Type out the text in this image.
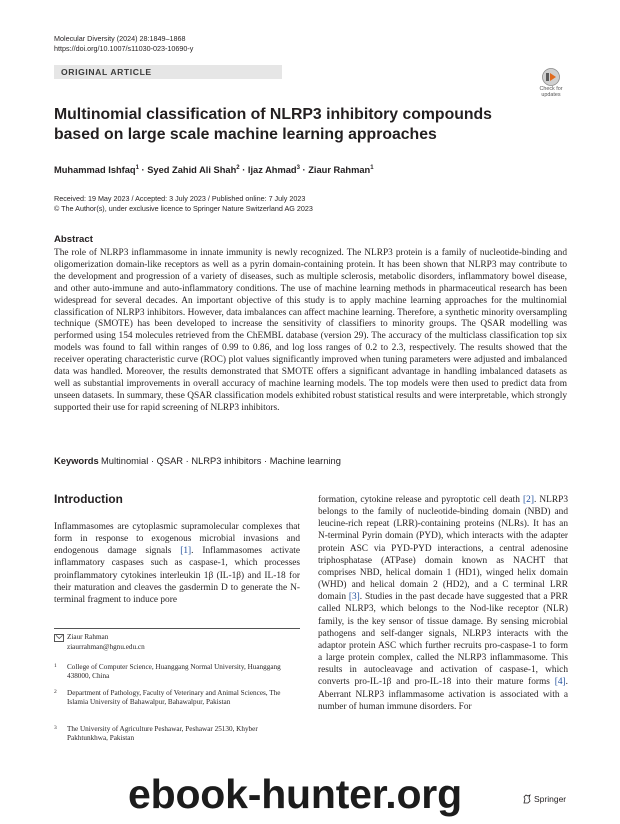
Molecular Diversity (2024) 28:1849–1868
https://doi.org/10.1007/s11030-023-10690-y
ORIGINAL ARTICLE
Check for updates
Multinomial classification of NLRP3 inhibitory compounds based on large scale machine learning approaches
Muhammad Ishfaq$^1$ · Syed Zahid Ali Shah$^2$ · Ijaz Ahmad$^3$ · Ziaur Rahman$^1$
Received: 19 May 2023 / Accepted: 3 July 2023 / Published online: 7 July 2023
© The Author(s), under exclusive licence to Springer Nature Switzerland AG 2023
Abstract

The role of NLRP3 inflammasome in innate immunity is newly recognized. The NLRP3 protein is a family of nucleotide-binding and oligomerization domain-like receptors as well as a pyrin domain-containing protein. It has been shown that NLRP3 may contribute to the development and progression of a variety of diseases, such as multiple sclerosis, metabolic disorders, inflammatory bowel disease, and other auto-immune and auto-inflammatory conditions. The use of machine learning methods in pharmaceutical research has been widespread for several decades. An important objective of this study is to apply machine learning approaches for the multinomial classification of NLRP3 inhibitors. However, data imbalances can affect machine learning. Therefore, a synthetic minority oversampling technique (SMOTE) has been developed to increase the sensitivity of classifiers to minority groups. The QSAR modelling was performed using 154 molecules retrieved from the ChEMBL database (version 29). The accuracy of the multiclass classification top six models was found to fall within ranges of 0.99 to 0.86, and log loss ranges of 0.2 to 2.3, respectively. The results showed that the receiver operating characteristic curve (ROC) plot values significantly improved when tuning parameters were adjusted and imbalanced data was handled. Moreover, the results demonstrated that SMOTE offers a significant advantage in handling imbalanced datasets as well as substantial improvements in overall accuracy of machine learning models. The top models were then used to predict data from unseen datasets. In summary, these QSAR classification models exhibited robust statistical results and were interpretable, which strongly supported their use for rapid screening of NLRP3 inhibitors.

Keywords Multinomial · QSAR · NLRP3 inhibitors · Machine learning
Introduction

Inflammasomes are cytoplasmic supramolecular complexes that form in response to exogenous microbial invasions and endogenous damage signals [1]. Inflammasomes activate inflammatory caspases such as caspase-1, which processes proinflammatory cytokines interleukin 1β (IL-1β) and IL-18 for their maturation and cleaves the gasdermin D to generate the N-terminal fragment to induce pore

formation, cytokine release and pyroptotic cell death [2]. NLRP3 belongs to the family of nucleotide-binding domain (NBD) and leucine-rich repeat (LRR)-containing proteins (NLRs). It has an N-terminal Pyrin domain (PYD), which interacts with the adapter protein ASC via PYD-PYD interactions, a central adenosine triphosphatase (ATPase) domain known as NACHT that comprises NBD, helical domain 1 (HD1), winged helix domain (WHD) and helical domain 2 (HD2), and a C terminal LRR domain [3]. Studies in the past decade have suggested that a PRR called NLRP3, which belongs to the Nod-like receptor (NLR) family, is the key sensor of tissue damage. By sensing microbial pathogens and self-danger signals, NLRP3 interacts with the adaptor protein ASC which further recruits pro-caspase-1 to form a large protein complex, called the NLRP3 inflammasome. This results in autocleavage and activation of caspase-1, which converts pro-IL-1β and pro-IL-18 into their mature forms [4]. Aberrant NLRP3 inflammasome activation is associated with a number of human immune disorders. For

Ziaur Rahman
ziaurrahman@hgnu.edu.cn
1 College of Computer Science, Huanggang Normal University, Huanggang 438000, China
2 Department of Pathology, Faculty of Veterinary and Animal Sciences, The Islamia University of Bahawalpur, Bahawalpur, Pakistan
3 The University of Agriculture Peshawar, Peshawar 25130, Khyber Pakhtunkhwa, Pakistan
ebook-hunter.org	Springer
